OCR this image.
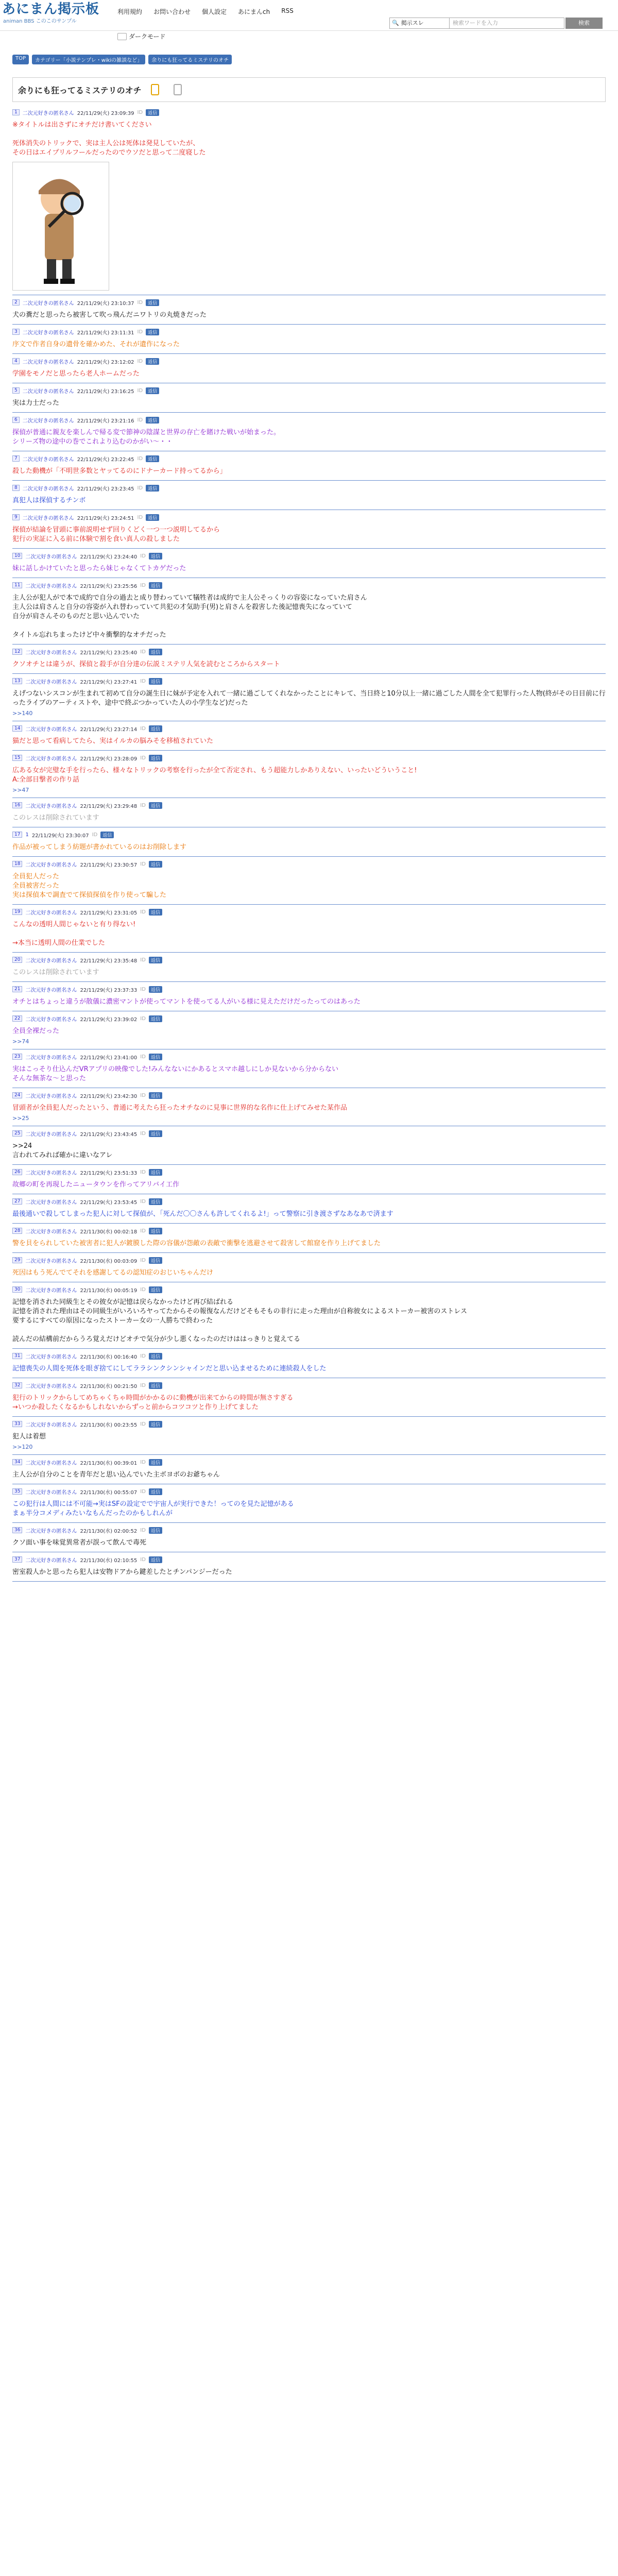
あにまん掲示板
animan BBS このこのサンプル
利用規約 お問い合わせ 個人設定 あにまんch RSS
🔍 掲示スレ	検索ワードを入力	検索
ダークモード
TOP	カテゴリー「小説テンプレ・wikiの雑談など」	余りにも狂ってるミステリのオチ
余りにも狂ってるミステリのオチ
1	二次元好きの匿名さん 22/11/29(火) 23:09:39 ID	返信
※タイトルは出さずにオチだけ書いてください

死体消失のトリックで、実は主人公は死体は発見していたが、
その日はエイプリルフールだったのでウソだと思って二度寝した
2	二次元好きの匿名さん 22/11/29(火) 23:10:37 ID	返信
犬の糞だと思ったら被害して吹っ飛んだニワトリの丸焼きだった
3	二次元好きの匿名さん 22/11/29(火) 23:11:31 ID	返信
序文で作者自身の遺骨を確かめた、それが遺作になった
4	二次元好きの匿名さん 22/11/29(火) 23:12:02 ID	返信
学園をモノだと思ったら老人ホームだった
5	二次元好きの匿名さん 22/11/29(火) 23:16:25 ID	返信
実は力士だった
6	二次元好きの匿名さん 22/11/29(火) 23:21:16 ID	返信
探偵が普通に親友を楽しんで帰る変で節神の陰謀と世界の存亡を賭けた戦いが始まった。
シリーズ物の途中の巻でこれより込むのかがい～・・
7	二次元好きの匿名さん 22/11/29(火) 23:22:45 ID	返信
殺した動機が「不明世多数とヤッてるのにドナーカード持ってるから」
8	二次元好きの匿名さん 22/11/29(火) 23:23:45 ID	返信
真犯人は探偵するチンボ
9	二次元好きの匿名さん 22/11/29(火) 23:24:51 ID	返信
探偵が結論を冒頭に事前説明せず回りくどく一つ一つ説明してるから
犯行の実証に入る前に体験で割を食い真人の殺しました
10	二次元好きの匿名さん 22/11/29(火) 23:24:40 ID	返信
妹に話しかけていたと思ったら妹じゃなくてトカゲだった
11	二次元好きの匿名さん 22/11/29(火) 23:25:56 ID	返信
主人公が犯人がで本で成約で自分の過去と成り替わっていて犠牲者は成約で主人公そっくりの容姿になっていた肩さん
主人公は肩さんと自分の容姿が入れ替わっていて共犯の才気助手(男)と肩さんを殺害した後記憶喪失になっていて
自分が肩さんそのものだと思い込んでいた

タイトル忘れちまったけど中々衝撃的なオチだった
12	二次元好きの匿名さん 22/11/29(火) 23:25:40 ID	返信
クソオチとは違うが、探偵と殺手が自分達の伝説ミステリ人気を読むところからスタート
13	二次元好きの匿名さん 22/11/29(火) 23:27:41 ID	返信
えげつないシスコンが生まれて初めて自分の誕生日に妹が予定を入れて一緒に過ごしてくれなかったことにキレて、当日終と10分以上一緒に過ごした人間を全て犯罪行った人物(終がその日目前に行ったライブのアーティストや、途中で終ぶつかっていた人の小学生など)だった
>>140
14	二次元好きの匿名さん 22/11/29(火) 23:27:14 ID	返信
猫だと思って看病してたら、実はイルカの脳みそを移植されていた
15	二次元好きの匿名さん 22/11/29(火) 23:28:09 ID	返信
広ある女が完璧な手を行ったら、様々なトリックの考察を行ったが全て否定され、もう超能力しかありえない、いったいどういうこと!
A:全部目撃者の作り話
>>47
16	二次元好きの匿名さん 22/11/29(火) 23:29:48 ID	返信
このレスは削除されています
17	1 22/11/29(火) 23:30:07 ID	返信
作品が被ってしまう紡題が書かれているのはお削除します
18	二次元好きの匿名さん 22/11/29(火) 23:30:57 ID	返信
全員犯人だった
全員被害だった
実は探偵本で調査でて探偵探偵を作り使って騙した
19	二次元好きの匿名さん 22/11/29(火) 23:31:05 ID	返信
こんなの透明人間じゃないと有り得ない!

→本当に透明人間の仕業でした
20	二次元好きの匿名さん 22/11/29(火) 23:35:48 ID	返信
このレスは削除されています
21	二次元好きの匿名さん 22/11/29(火) 23:37:33 ID	返信
オチとはちょっと違うが散儀に濃密マントが使ってマントを使ってる人がいる様に見えただけだったってのはあった
22	二次元好きの匿名さん 22/11/29(火) 23:39:02 ID	返信
全員全裸だった
>>74
23	二次元好きの匿名さん 22/11/29(火) 23:41:00 ID	返信
実はこっそり仕込んだVRアプリの映像でした!みんなないにかあるとスマホ越しにしか見ないから分からない
そんな無茶な～と思った
24	二次元好きの匿名さん 22/11/29(火) 23:42:30 ID	返信
冒頭者が全員犯人だったという、普通に考えたら狂ったオチなのに見事に世界的な名作に仕上げてみせた某作品
>>25
25	二次元好きの匿名さん 22/11/29(火) 23:43:45 ID	返信
>>24
言われてみれば確かに違いなアレ
26	二次元好きの匿名さん 22/11/29(火) 23:51:33 ID	返信
故郷の町を再現したニュータウンを作ってアリバイ工作
27	二次元好きの匿名さん 22/11/29(火) 23:53:45 ID	返信
最後通いで殺してしまった犯人に対して探偵が、「死んだ〇〇さんも許してくれるよ!」って警察に引き渡さずなあなあで済ます
28	二次元好きの匿名さん 22/11/30(水) 00:02:18 ID	返信
警を貝をられしていた被害者に犯人が鍍膜した際の容儀が怨敵の表敵で衝撃を逃避させて殺害して館窟を作り上げてました
29	二次元好きの匿名さん 22/11/30(水) 00:03:09 ID	返信
死因はもう死んでてそれを感謝してるの認知症のおじいちゃんだけ
30	二次元好きの匿名さん 22/11/30(水) 00:05:19 ID	返信
記憶を消された同級生とその彼女が記憶は戻らなかったけど再び結ばれる
記憶を消された理由はその同級生がいろいろヤってたからその報復なんだけどそもそもの非行に走った理由が自称彼女によるストーカー被害のストレス
要するにすべての原因になったストーカー女の一人勝ちで終わった

読んだの結構前だからうろ覚えだけどオチで気分が少し悪くなったのだけははっきりと覚えてる
31	二次元好きの匿名さん 22/11/30(水) 00:16:40 ID	返信
記憶喪失の人間を死体を眼ぎ捨てにしてララシンクシンシャインだと思い込ませるために連続殺人をした
32	二次元好きの匿名さん 22/11/30(水) 00:21:50 ID	返信
犯行のトリックからしてめちゃくちゃ時間がかかるのに動機が出来てからの時間が無さすぎる
→いつか殺したくなるかもしれないからずっと前からコツコツと作り上げてました
33	二次元好きの匿名さん 22/11/30(水) 00:23:55 ID	返信
犯人は着想
>>120
34	二次元好きの匿名さん 22/11/30(水) 00:39:01 ID	返信
主人公が自分のことを青年だと思い込んでいた主ボヨボのお爺ちゃん
35	二次元好きの匿名さん 22/11/30(水) 00:55:07 ID	返信
この犯行は人間には不可能→実はSFの設定でで宇宙人が実行できた！ってのを見た記憶がある
まぁ半分コメディみたいなもんだったのかもしれんが
36	二次元好きの匿名さん 22/11/30(水) 02:00:52 ID	返信
クソ面い事を味覚異常者が誤って飲んで毒死
37	二次元好きの匿名さん 22/11/30(水) 02:10:55 ID	返信
密室殺人かと思ったら犯人は安物ドアから鍵差したとチンパンジーだった
